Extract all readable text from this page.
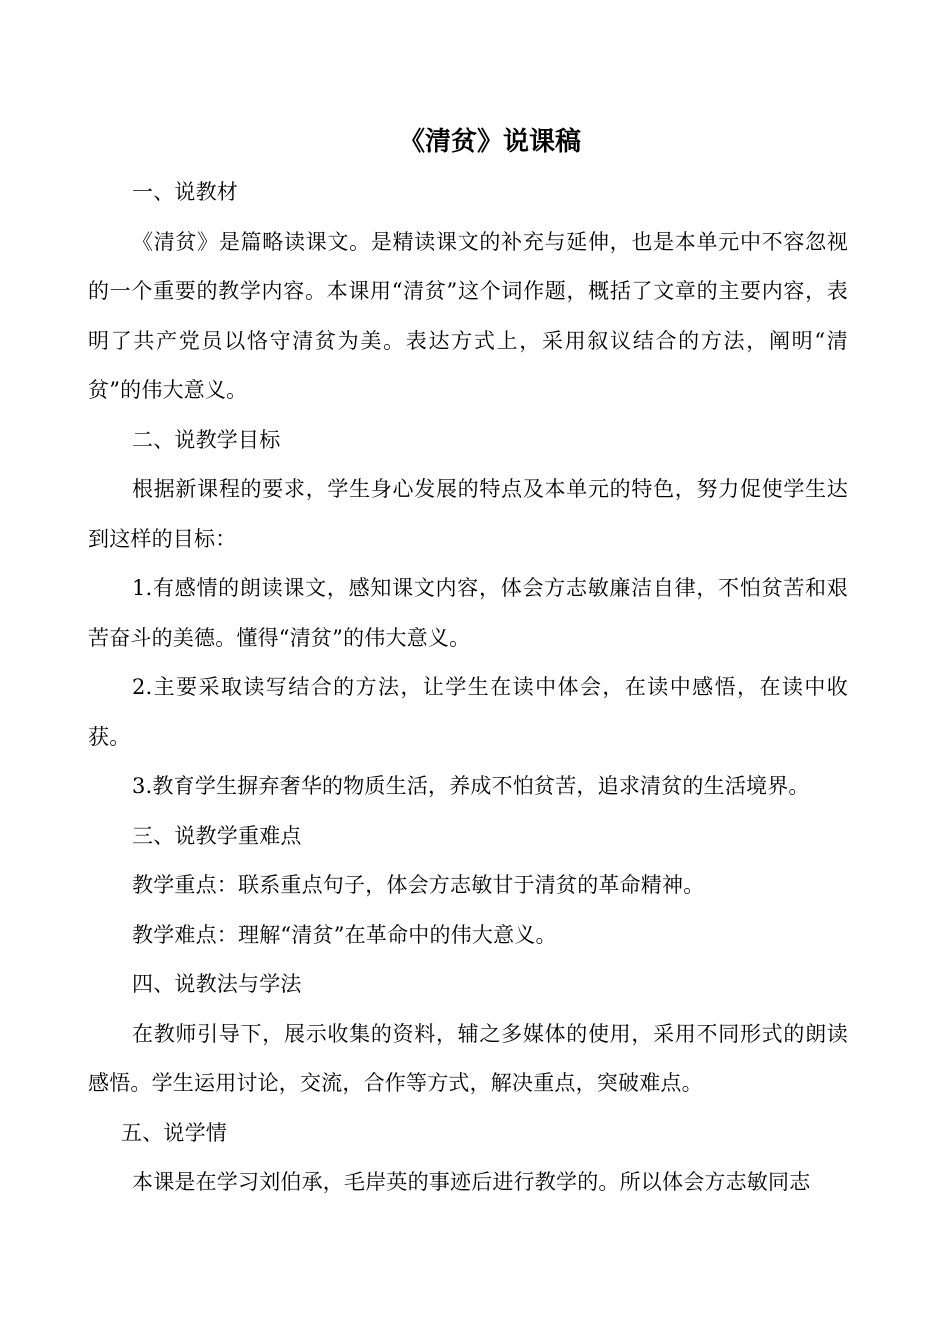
《清贫》说课稿

一、说教材

《清贫》是篇略读课文。是精读课文的补充与延伸，也是本单元中不容忽视的一个重要的教学内容。本课用“清贫”这个词作题，概括了文章的主要内容，表明了共产党员以恪守清贫为美。表达方式上，采用叙议结合的方法，阐明“清贫”的伟大意义。

二、说教学目标

根据新课程的要求，学生身心发展的特点及本单元的特色，努力促使学生达到这样的目标：

1.有感情的朗读课文，感知课文内容，体会方志敏廉洁自律，不怕贫苦和艰苦奋斗的美德。懂得“清贫”的伟大意义。

2.主要采取读写结合的方法，让学生在读中体会，在读中感悟，在读中收获。

3.教育学生摒弃奢华的物质生活，养成不怕贫苦，追求清贫的生活境界。

三、说教学重难点

教学重点：联系重点句子，体会方志敏甘于清贫的革命精神。

教学难点：理解“清贫”在革命中的伟大意义。

四、说教法与学法

在教师引导下，展示收集的资料，辅之多媒体的使用，采用不同形式的朗读感悟。学生运用讨论，交流，合作等方式，解决重点，突破难点。

五、说学情

本课是在学习刘伯承，毛岸英的事迹后进行教学的。所以体会方志敏同志
